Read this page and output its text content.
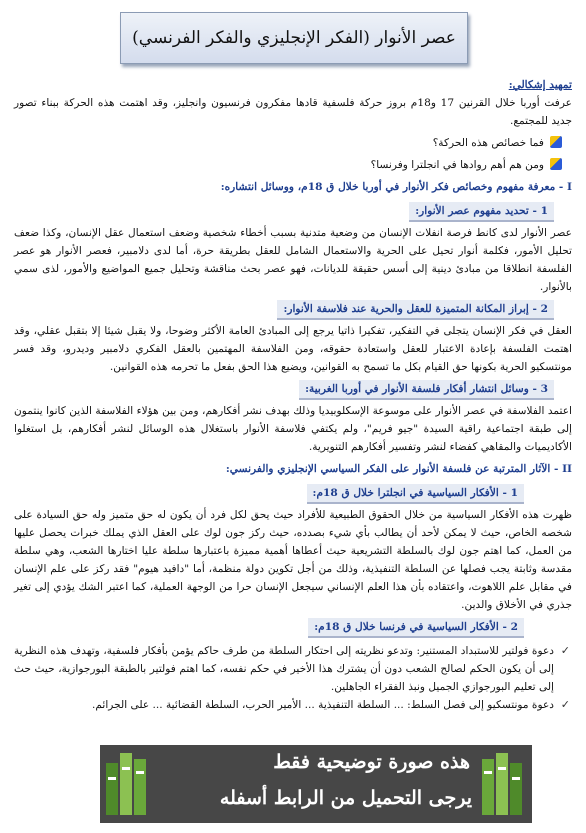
عصر الأنوار (الفكر الإنجليزي والفكر الفرنسي)
تمهيد إشكالي:

عرفت أوربا خلال القرنين 17 و18م بروز حركة فلسفية قادها مفكرون فرنسيون وانجليز، وقد اهتمت هذه الحركة ببناء تصور جديد للمجتمع.

فما خصائص هذه الحركة؟
ومن هم أهم روادها في انجلترا وفرنسا؟
I - معرفة مفهوم وخصائص فكر الأنوار في أوربا خلال ق 18م، ووسائل انتشاره:
1 - تحديد مفهوم عصر الأنوار:

عصر الأنوار لدى كانط فرصة انفلات الإنسان من وضعية متدنية بسبب أخطاء شخصية وضعف استعمال عقل الإنسان، وكذا ضعف تحليل الأمور، فكلمة أنوار تحيل على الحرية والاستعمال الشامل للعقل بطريقة حرة، أما لدى دلامبير، فعصر الأنوار هو عصر الفلسفة انطلاقا من مبادئ دينية إلى أسس حقيقة للديانات، فهو عصر بحث مناقشة وتحليل جميع المواضيع والأمور، لذى سمي بالأنوار.

2 - إبراز المكانة المتميزة للعقل والحرية عند فلاسفة الأنوار:

العقل في فكر الإنسان يتجلى في التفكير، تفكيرا ذاتيا يرجع إلى المبادئ العامة الأكثر وضوحا، ولا يقبل شيئا إلا بتقبل عقلي، وقد اهتمت الفلسفة بإعادة الاعتبار للعقل واستعادة حقوقه، ومن الفلاسفة المهتمين بالعقل الفكري دلامبير وديدرو، وقد فسر مونتسكيو الحرية بكونها حق القيام بكل ما تسمح به القوانين، ويضيع هذا الحق بفعل ما تحرمه هذه القوانين.

3 - وسائل انتشار أفكار فلسفة الأنوار في أوربا الغربية:

اعتمد الفلاسفة في عصر الأنوار على موسوعة الإسكلوبيديا وذلك بهدف نشر أفكارهم، ومن بين هؤلاء الفلاسفة الذين كانوا ينتمون إلى طبقة اجتماعية راقية السيدة "جيو فريم"، ولم يكتفي فلاسفة الأنوار باستغلال هذه الوسائل لنشر أفكارهم، بل استغلوا الأكاديميات والمقاهي كفضاء لنشر وتفسير أفكارهم التنويرية.

II - الآثار المترتبة عن فلسفة الأنوار على الفكر السياسي الإنجليزي والفرنسي:
1 - الأفكار السياسية في انجلترا خلال ق 18م:

ظهرت هذه الأفكار السياسية من خلال الحقوق الطبيعية للأفراد حيث يحق لكل فرد أن يكون له حق متميز وله حق السيادة على شخصه الخاص، حيث لا يمكن لأحد أن يطالب بأي شيء بصدده، حيث ركز جون لوك على العقل الذي يملك خبرات يحصل عليها من العمل، كما اهتم جون لوك بالسلطة التشريعية حيث أعطاها أهمية مميزة باعتبارها سلطة عليا اختارها الشعب، وهي سلطة مقدسة وثابتة يجب فصلها عن السلطة التنفيذية، وذلك من أجل تكوين دولة منظمة، أما "دافيد هيوم" فقد ركز على علم الإنسان في مقابل علم اللاهوت، واعتقاده بأن هذا العلم الإنساني سيجعل الإنسان حرا من الوجهة العملية، كما اعتبر الشك يؤدي إلى تغير جذري في الأخلاق والدين.

2 - الأفكار السياسية في فرنسا خلال ق 18م:
✓
دعوة فولتير للاستبداد المستنير: وتدعو نظريته إلى احتكار السلطة من طرف حاكم يؤمن بأفكار فلسفية، وتهدف هذه النظرية إلى أن يكون الحكم لصالح الشعب دون أن يشترك هذا الأخير في حكم نفسه، كما اهتم فولتير بالطبقة البورجوازية، حيث حث إلى تعليم البورجوازي الجميل ونبذ الفقراء الجاهلين.
✓
دعوة مونتسكيو إلى فصل السلط: ... السلطة التنفيذية ... الأمير الحرب، السلطة القضائية ... على الجرائم.
هذه صورة توضيحية فقط
يرجى التحميل من الرابط أسفله
